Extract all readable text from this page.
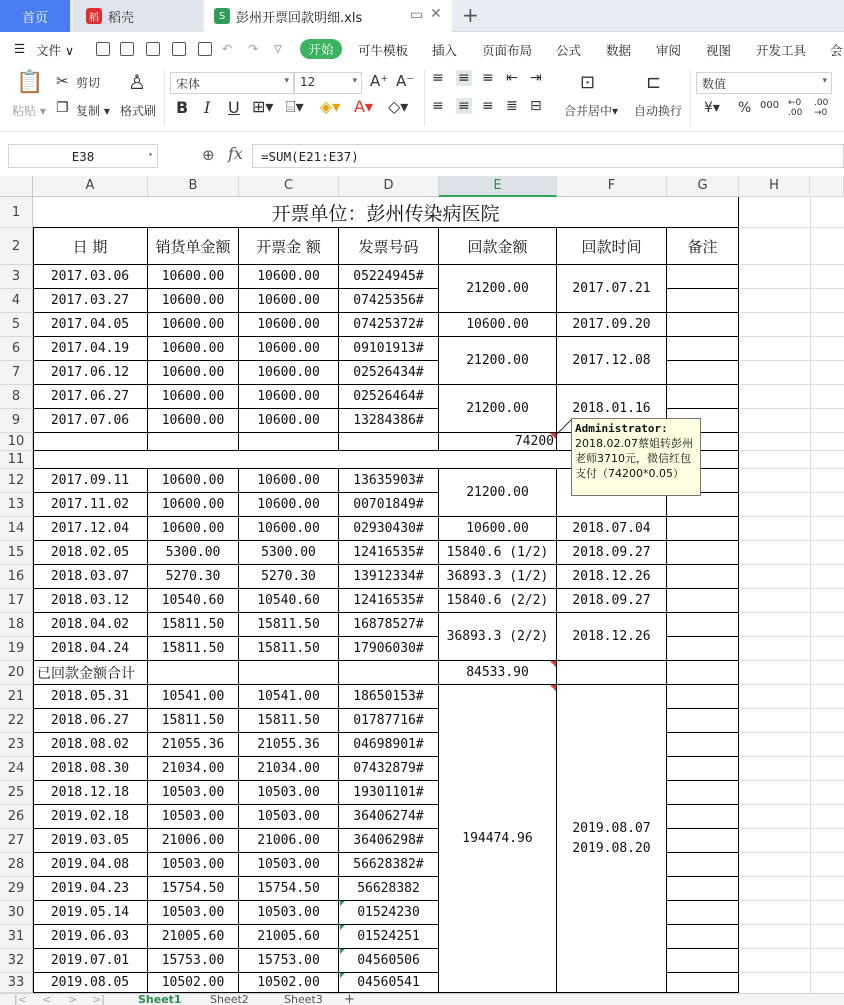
首页	稻 稻壳	S 彭州开票回款明细.xls	▭ ✕ +
☰ 文件 ∨	↶ ↷ ▽ 开始 可牛模板 插入 页面布局 公式 数据 审阅 视图 开发工具 会
📋
粘贴 ▾
✂ 剪切
❐ 复制 ▾
♙
格式刷
宋体	▾ 12	▾ A⁺ A⁻
B I U ⊞▾ ⌸▾ ◈▾ A▾ ◇▾
≡ ≡ ≡ ⇤ ⇥
≡ ≡ ≡ ≣ ⊟
⊡
合并居中▾
⊏
自动换行
数值	▾
¥▾ % 000 ←0
.00
.00
→0
E38	▾	⊕ fx	=SUM(E21:E37)
A	B	C	D	E	F	G	H
1
2
3
4
5
6
7
8
9
10
11
12
13
14
15
16
17
18
19
20
21
22
23
24
25
26
27
28
29
30
31
32
33
开票单位：彭州传染病医院
日 期	销货单金额	开票金 额	发票号码	回款金额	回款时间	备注
2017.03.06	10600.00	10600.00	05224945#
2017.03.27	10600.00	10600.00	07425356#
2017.04.05	10600.00	10600.00	07425372#
2017.04.19	10600.00	10600.00	09101913#
2017.06.12	10600.00	10600.00	02526434#
2017.06.27	10600.00	10600.00	02526464#
2017.07.06	10600.00	10600.00	13284386#
2017.09.11	10600.00	10600.00	13635903#
2017.11.02	10600.00	10600.00	00701849#
2017.12.04	10600.00	10600.00	02930430#
2018.02.05	5300.00	5300.00	12416535#
2018.03.07	5270.30	5270.30	13912334#
2018.03.12	10540.60	10540.60	12416535#
2018.04.02	15811.50	15811.50	16878527#
2018.04.24	15811.50	15811.50	17906030#
2018.05.31	10541.00	10541.00	18650153#
2018.06.27	15811.50	15811.50	01787716#
2018.08.02	21055.36	21055.36	04698901#
2018.08.30	21034.00	21034.00	07432879#
2018.12.18	10503.00	10503.00	19301101#
2019.02.18	10503.00	10503.00	36406274#
2019.03.05	21006.00	21006.00	36406298#
2019.04.08	10503.00	10503.00	56628382#
2019.04.23	15754.50	15754.50	56628382
2019.05.14	10503.00	10503.00	01524230
2019.06.03	21005.60	21005.60	01524251
2019.07.01	15753.00	15753.00	04560506
2019.08.05	10502.00	10502.00	04560541
21200.00	2017.07.21
10600.00	2017.09.20
21200.00	2017.12.08
21200.00	2018.01.16
74200
21200.00
10600.00	2018.07.04
15840.6 (1/2)	2018.09.27
36893.3 (1/2)	2018.12.26
15840.6 (2/2)	2018.09.27
36893.3 (2/2)	2018.12.26
已回款金额合计	84533.90
194474.96
2019.08.07
2019.08.20
Administrator:
2018.02.07蔡姐转彭州老师3710元，微信红包支付（74200*0.05）
|< < > >|	Sheet1	Sheet2	Sheet3 +
